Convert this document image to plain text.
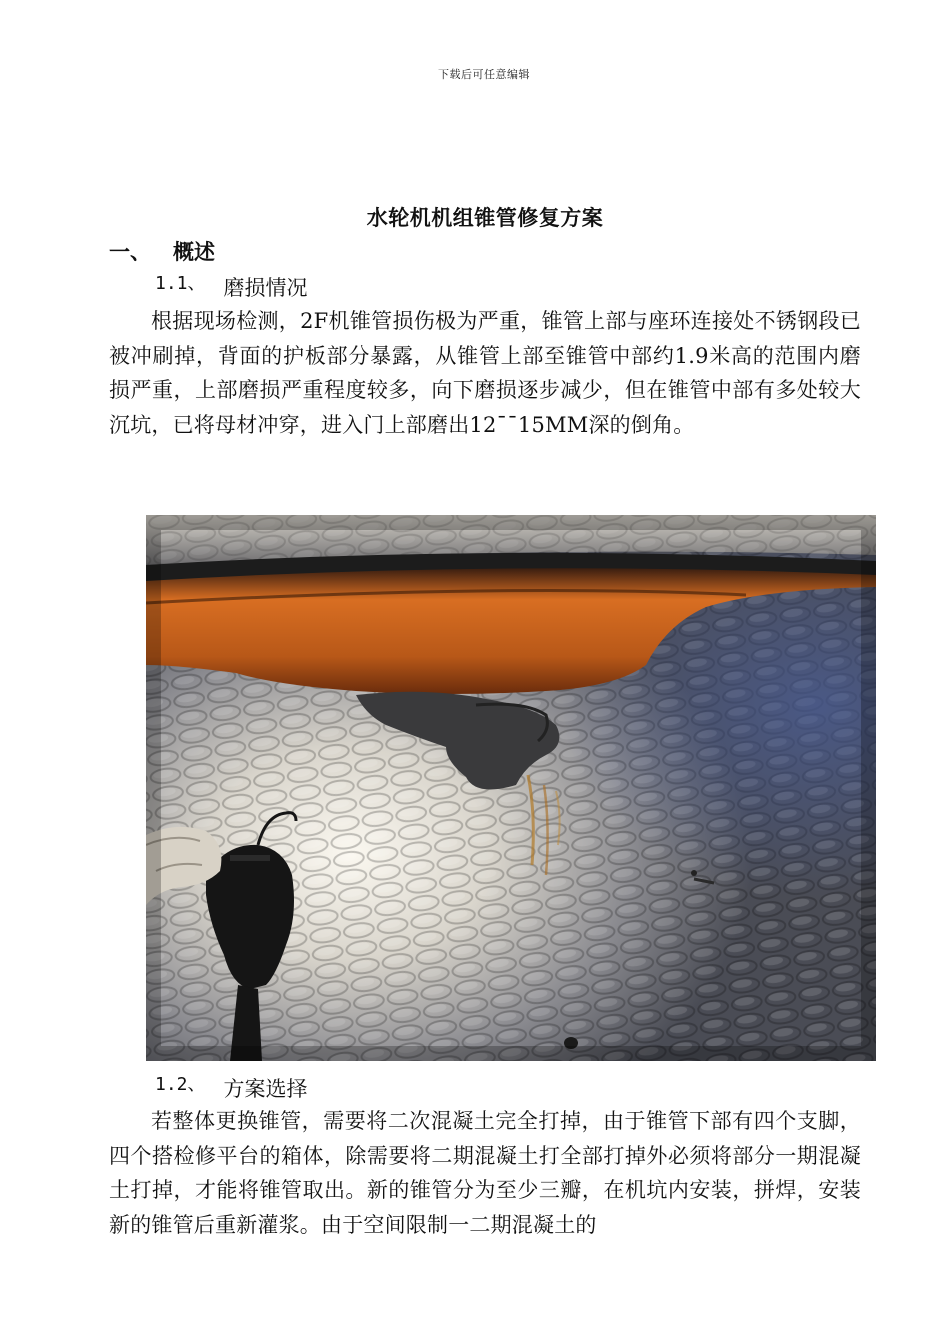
下载后可任意编辑
水轮机机组锥管修复方案
一、 概述
1.1、 磨损情况

根据现场检测，2F机锥管损伤极为严重，锥管上部与座环连接处不锈钢段已被冲刷掉，背面的护板部分暴露，从锥管上部至锥管中部约1.9米高的范围内磨损严重，上部磨损严重程度较多，向下磨损逐步减少，但在锥管中部有多处较大沉坑，已将母材冲穿，进入门上部磨出12¯¯15MM深的倒角。

1.2、 方案选择

若整体更换锥管，需要将二次混凝土完全打掉，由于锥管下部有四个支脚，四个搭检修平台的箱体，除需要将二期混凝土打全部打掉外必须将部分一期混凝土打掉，才能将锥管取出。新的锥管分为至少三瓣，在机坑内安装，拼焊，安装新的锥管后重新灌浆。由于空间限制一二期混凝土的
